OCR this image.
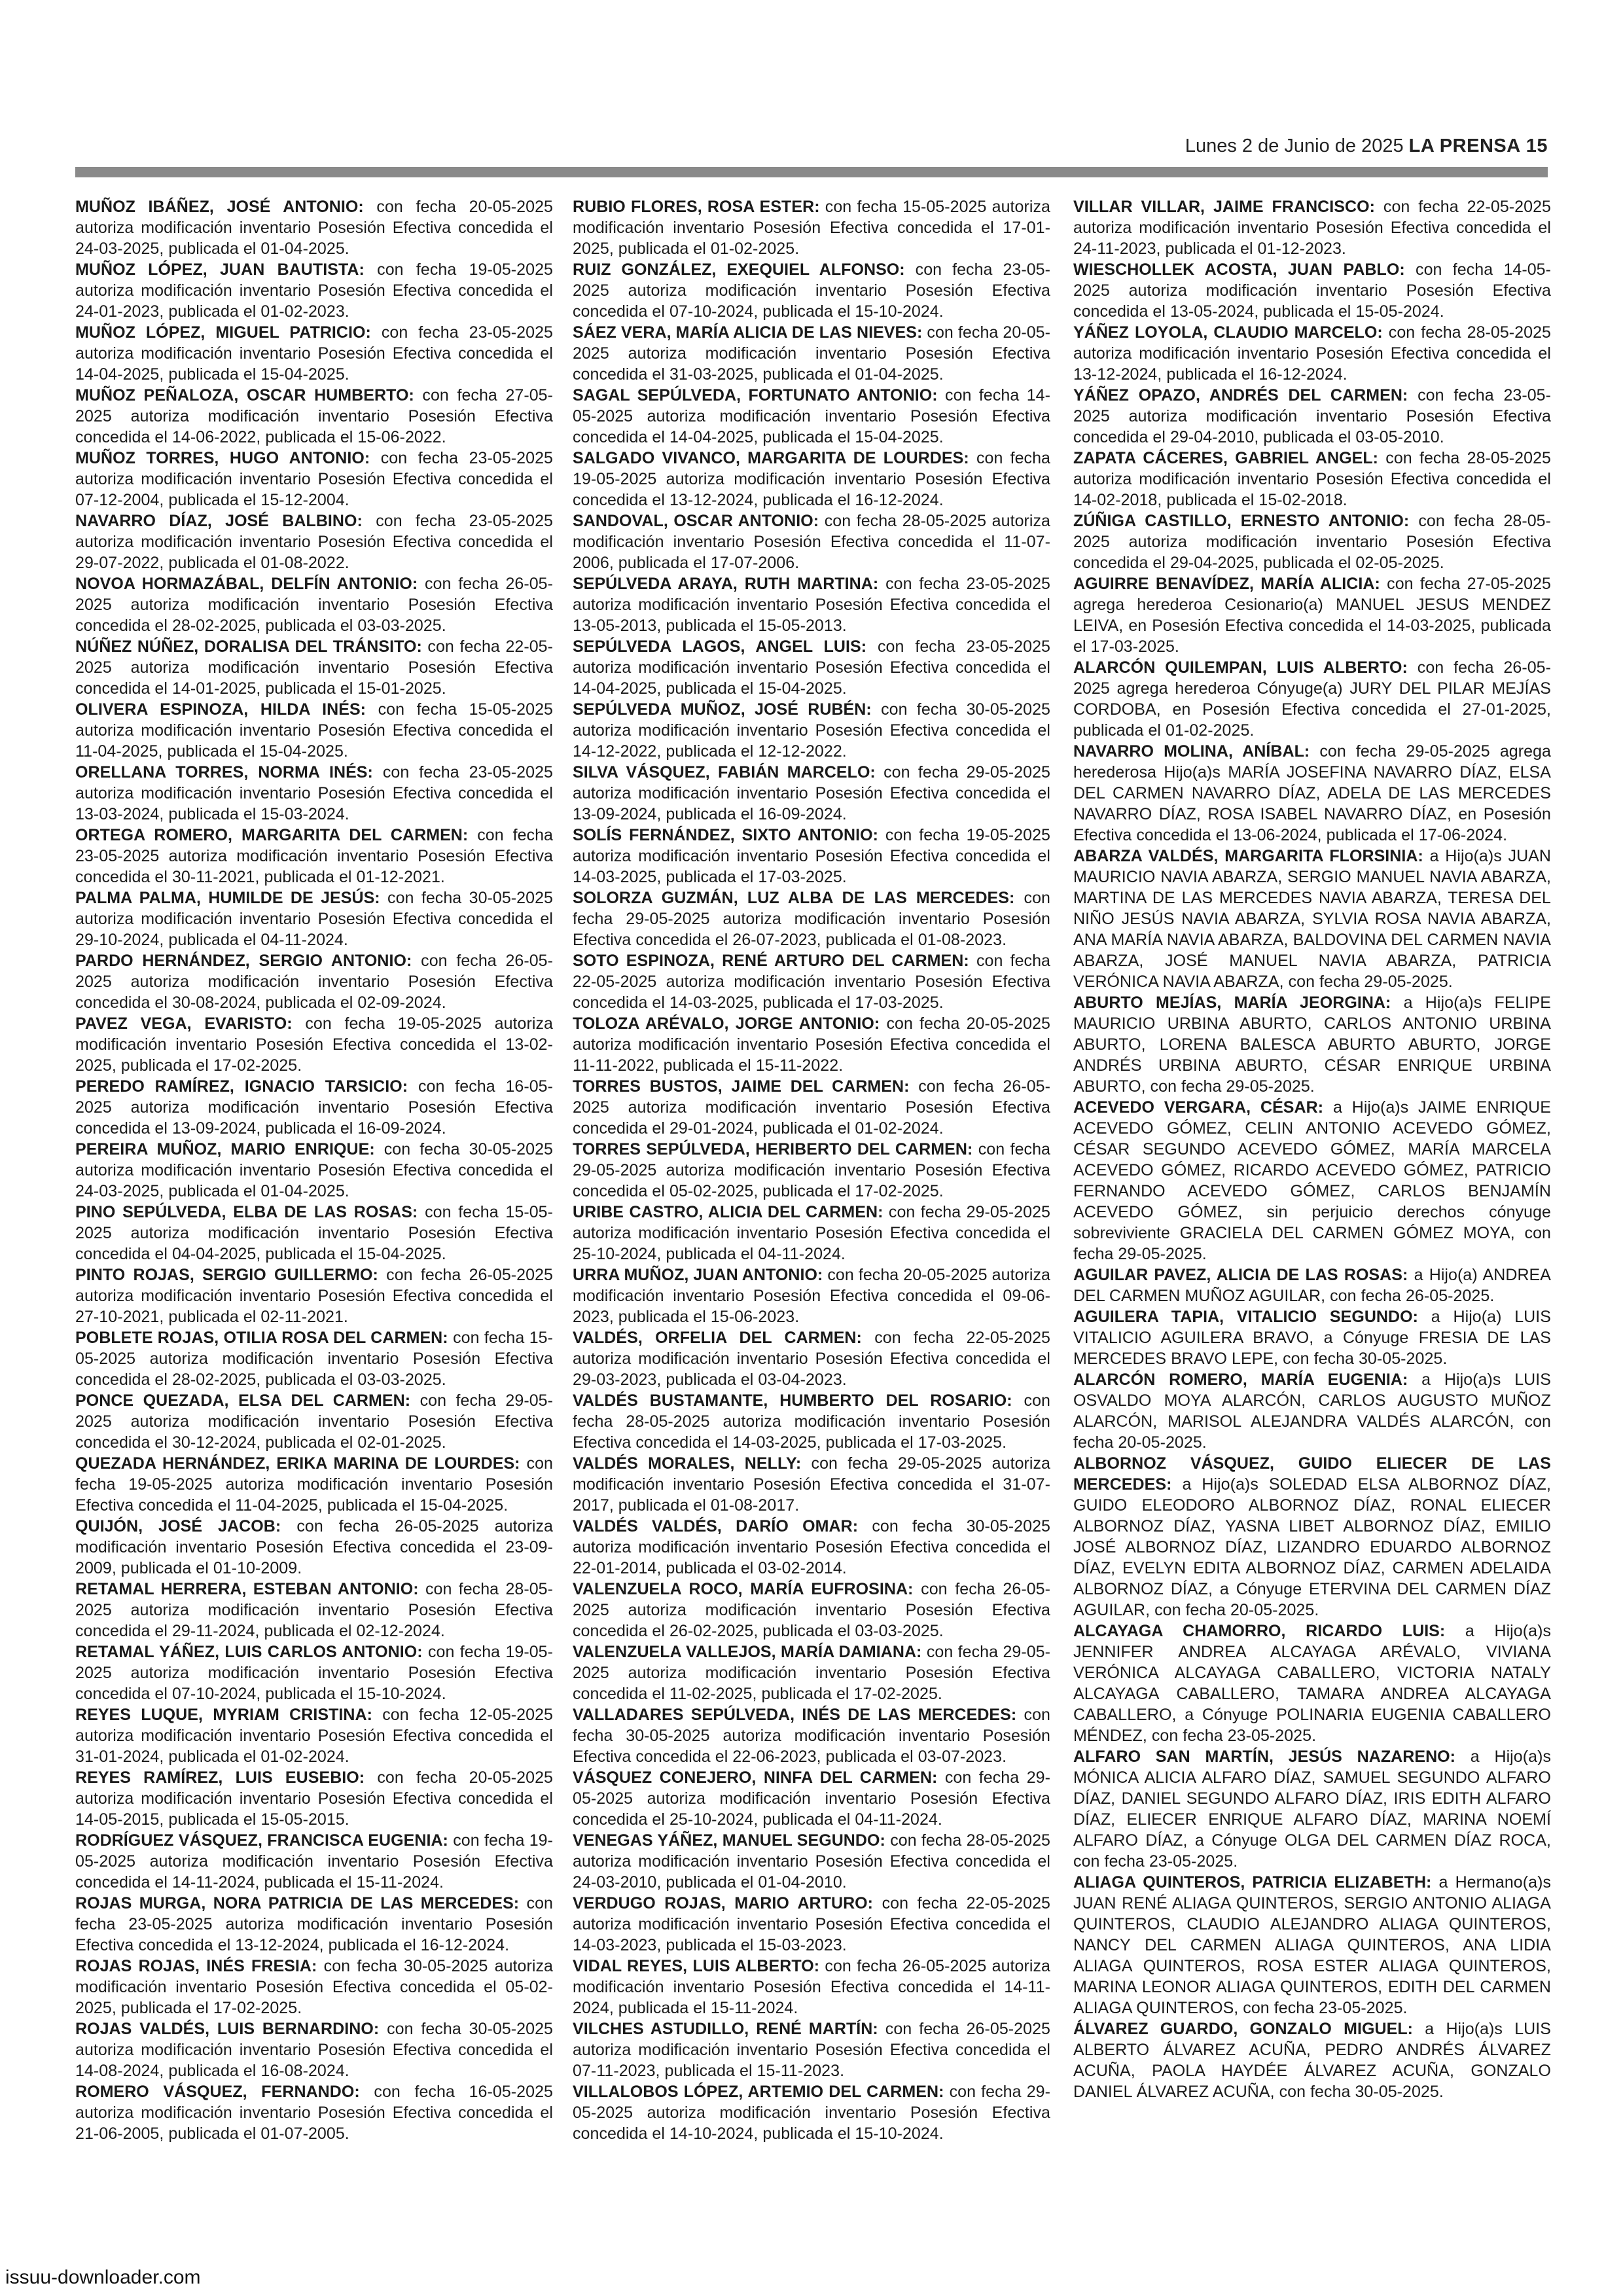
Lunes 2 de Junio de 2025 LA PRENSA 15

MUÑOZ IBÁÑEZ, JOSÉ ANTONIO: con fecha 20-05-2025 autoriza modificación inventario Posesión Efectiva concedida el 24-03-2025, publicada el 01-04-2025.

MUÑOZ LÓPEZ, JUAN BAUTISTA: con fecha 19-05-2025 autoriza modificación inventario Posesión Efectiva concedida el 24-01-2023, publicada el 01-02-2023.

MUÑOZ LÓPEZ, MIGUEL PATRICIO: con fecha 23-05-2025 autoriza modificación inventario Posesión Efectiva concedida el 14-04-2025, publicada el 15-04-2025.

MUÑOZ PEÑALOZA, OSCAR HUMBERTO: con fecha 27-05-2025 autoriza modificación inventario Posesión Efectiva concedida el 14-06-2022, publicada el 15-06-2022.

MUÑOZ TORRES, HUGO ANTONIO: con fecha 23-05-2025 autoriza modificación inventario Posesión Efectiva concedida el 07-12-2004, publicada el 15-12-2004.

NAVARRO DÍAZ, JOSÉ BALBINO: con fecha 23-05-2025 autoriza modificación inventario Posesión Efectiva concedida el 29-07-2022, publicada el 01-08-2022.

NOVOA HORMAZÁBAL, DELFÍN ANTONIO: con fecha 26-05-2025 autoriza modificación inventario Posesión Efectiva concedida el 28-02-2025, publicada el 03-03-2025.

NÚÑEZ NÚÑEZ, DORALISA DEL TRÁNSITO: con fecha 22-05-2025 autoriza modificación inventario Posesión Efectiva concedida el 14-01-2025, publicada el 15-01-2025.

OLIVERA ESPINOZA, HILDA INÉS: con fecha 15-05-2025 autoriza modificación inventario Posesión Efectiva concedida el 11-04-2025, publicada el 15-04-2025.

ORELLANA TORRES, NORMA INÉS: con fecha 23-05-2025 autoriza modificación inventario Posesión Efectiva concedida el 13-03-2024, publicada el 15-03-2024.

ORTEGA ROMERO, MARGARITA DEL CARMEN: con fecha 23-05-2025 autoriza modificación inventario Posesión Efectiva concedida el 30-11-2021, publicada el 01-12-2021.

PALMA PALMA, HUMILDE DE JESÚS: con fecha 30-05-2025 autoriza modificación inventario Posesión Efectiva concedida el 29-10-2024, publicada el 04-11-2024.

PARDO HERNÁNDEZ, SERGIO ANTONIO: con fecha 26-05-2025 autoriza modificación inventario Posesión Efectiva concedida el 30-08-2024, publicada el 02-09-2024.

PAVEZ VEGA, EVARISTO: con fecha 19-05-2025 autoriza modificación inventario Posesión Efectiva concedida el 13-02-2025, publicada el 17-02-2025.

PEREDO RAMÍREZ, IGNACIO TARSICIO: con fecha 16-05-2025 autoriza modificación inventario Posesión Efectiva concedida el 13-09-2024, publicada el 16-09-2024.

PEREIRA MUÑOZ, MARIO ENRIQUE: con fecha 30-05-2025 autoriza modificación inventario Posesión Efectiva concedida el 24-03-2025, publicada el 01-04-2025.

PINO SEPÚLVEDA, ELBA DE LAS ROSAS: con fecha 15-05-2025 autoriza modificación inventario Posesión Efectiva concedida el 04-04-2025, publicada el 15-04-2025.

PINTO ROJAS, SERGIO GUILLERMO: con fecha 26-05-2025 autoriza modificación inventario Posesión Efectiva concedida el 27-10-2021, publicada el 02-11-2021.

POBLETE ROJAS, OTILIA ROSA DEL CARMEN: con fecha 15-05-2025 autoriza modificación inventario Posesión Efectiva concedida el 28-02-2025, publicada el 03-03-2025.

PONCE QUEZADA, ELSA DEL CARMEN: con fecha 29-05-2025 autoriza modificación inventario Posesión Efectiva concedida el 30-12-2024, publicada el 02-01-2025.

QUEZADA HERNÁNDEZ, ERIKA MARINA DE LOURDES: con fecha 19-05-2025 autoriza modificación inventario Posesión Efectiva concedida el 11-04-2025, publicada el 15-04-2025.

QUIJÓN, JOSÉ JACOB: con fecha 26-05-2025 autoriza modificación inventario Posesión Efectiva concedida el 23-09-2009, publicada el 01-10-2009.

RETAMAL HERRERA, ESTEBAN ANTONIO: con fecha 28-05-2025 autoriza modificación inventario Posesión Efectiva concedida el 29-11-2024, publicada el 02-12-2024.

RETAMAL YÁÑEZ, LUIS CARLOS ANTONIO: con fecha 19-05-2025 autoriza modificación inventario Posesión Efectiva concedida el 07-10-2024, publicada el 15-10-2024.

REYES LUQUE, MYRIAM CRISTINA: con fecha 12-05-2025 autoriza modificación inventario Posesión Efectiva concedida el 31-01-2024, publicada el 01-02-2024.

REYES RAMÍREZ, LUIS EUSEBIO: con fecha 20-05-2025 autoriza modificación inventario Posesión Efectiva concedida el 14-05-2015, publicada el 15-05-2015.

RODRÍGUEZ VÁSQUEZ, FRANCISCA EUGENIA: con fecha 19-05-2025 autoriza modificación inventario Posesión Efectiva concedida el 14-11-2024, publicada el 15-11-2024.

ROJAS MURGA, NORA PATRICIA DE LAS MERCEDES: con fecha 23-05-2025 autoriza modificación inventario Posesión Efectiva concedida el 13-12-2024, publicada el 16-12-2024.

ROJAS ROJAS, INÉS FRESIA: con fecha 30-05-2025 autoriza modificación inventario Posesión Efectiva concedida el 05-02-2025, publicada el 17-02-2025.

ROJAS VALDÉS, LUIS BERNARDINO: con fecha 30-05-2025 autoriza modificación inventario Posesión Efectiva concedida el 14-08-2024, publicada el 16-08-2024.

ROMERO VÁSQUEZ, FERNANDO: con fecha 16-05-2025 autoriza modificación inventario Posesión Efectiva concedida el 21-06-2005, publicada el 01-07-2005.

RUBIO FLORES, ROSA ESTER: con fecha 15-05-2025 autoriza modificación inventario Posesión Efectiva concedida el 17-01-2025, publicada el 01-02-2025.

RUIZ GONZÁLEZ, EXEQUIEL ALFONSO: con fecha 23-05-2025 autoriza modificación inventario Posesión Efectiva concedida el 07-10-2024, publicada el 15-10-2024.

SÁEZ VERA, MARÍA ALICIA DE LAS NIEVES: con fecha 20-05-2025 autoriza modificación inventario Posesión Efectiva concedida el 31-03-2025, publicada el 01-04-2025.

SAGAL SEPÚLVEDA, FORTUNATO ANTONIO: con fecha 14-05-2025 autoriza modificación inventario Posesión Efectiva concedida el 14-04-2025, publicada el 15-04-2025.

SALGADO VIVANCO, MARGARITA DE LOURDES: con fecha 19-05-2025 autoriza modificación inventario Posesión Efectiva concedida el 13-12-2024, publicada el 16-12-2024.

SANDOVAL, OSCAR ANTONIO: con fecha 28-05-2025 autoriza modificación inventario Posesión Efectiva concedida el 11-07-2006, publicada el 17-07-2006.

SEPÚLVEDA ARAYA, RUTH MARTINA: con fecha 23-05-2025 autoriza modificación inventario Posesión Efectiva concedida el 13-05-2013, publicada el 15-05-2013.

SEPÚLVEDA LAGOS, ANGEL LUIS: con fecha 23-05-2025 autoriza modificación inventario Posesión Efectiva concedida el 14-04-2025, publicada el 15-04-2025.

SEPÚLVEDA MUÑOZ, JOSÉ RUBÉN: con fecha 30-05-2025 autoriza modificación inventario Posesión Efectiva concedida el 14-12-2022, publicada el 12-12-2022.

SILVA VÁSQUEZ, FABIÁN MARCELO: con fecha 29-05-2025 autoriza modificación inventario Posesión Efectiva concedida el 13-09-2024, publicada el 16-09-2024.

SOLÍS FERNÁNDEZ, SIXTO ANTONIO: con fecha 19-05-2025 autoriza modificación inventario Posesión Efectiva concedida el 14-03-2025, publicada el 17-03-2025.

SOLORZA GUZMÁN, LUZ ALBA DE LAS MERCEDES: con fecha 29-05-2025 autoriza modificación inventario Posesión Efectiva concedida el 26-07-2023, publicada el 01-08-2023.

SOTO ESPINOZA, RENÉ ARTURO DEL CARMEN: con fecha 22-05-2025 autoriza modificación inventario Posesión Efectiva concedida el 14-03-2025, publicada el 17-03-2025.

TOLOZA ARÉVALO, JORGE ANTONIO: con fecha 20-05-2025 autoriza modificación inventario Posesión Efectiva concedida el 11-11-2022, publicada el 15-11-2022.

TORRES BUSTOS, JAIME DEL CARMEN: con fecha 26-05-2025 autoriza modificación inventario Posesión Efectiva concedida el 29-01-2024, publicada el 01-02-2024.

TORRES SEPÚLVEDA, HERIBERTO DEL CARMEN: con fecha 29-05-2025 autoriza modificación inventario Posesión Efectiva concedida el 05-02-2025, publicada el 17-02-2025.

URIBE CASTRO, ALICIA DEL CARMEN: con fecha 29-05-2025 autoriza modificación inventario Posesión Efectiva concedida el 25-10-2024, publicada el 04-11-2024.

URRA MUÑOZ, JUAN ANTONIO: con fecha 20-05-2025 autoriza modificación inventario Posesión Efectiva concedida el 09-06-2023, publicada el 15-06-2023.

VALDÉS, ORFELIA DEL CARMEN: con fecha 22-05-2025 autoriza modificación inventario Posesión Efectiva concedida el 29-03-2023, publicada el 03-04-2023.

VALDÉS BUSTAMANTE, HUMBERTO DEL ROSARIO: con fecha 28-05-2025 autoriza modificación inventario Posesión Efectiva concedida el 14-03-2025, publicada el 17-03-2025.

VALDÉS MORALES, NELLY: con fecha 29-05-2025 autoriza modificación inventario Posesión Efectiva concedida el 31-07-2017, publicada el 01-08-2017.

VALDÉS VALDÉS, DARÍO OMAR: con fecha 30-05-2025 autoriza modificación inventario Posesión Efectiva concedida el 22-01-2014, publicada el 03-02-2014.

VALENZUELA ROCO, MARÍA EUFROSINA: con fecha 26-05-2025 autoriza modificación inventario Posesión Efectiva concedida el 26-02-2025, publicada el 03-03-2025.

VALENZUELA VALLEJOS, MARÍA DAMIANA: con fecha 29-05-2025 autoriza modificación inventario Posesión Efectiva concedida el 11-02-2025, publicada el 17-02-2025.

VALLADARES SEPÚLVEDA, INÉS DE LAS MERCEDES: con fecha 30-05-2025 autoriza modificación inventario Posesión Efectiva concedida el 22-06-2023, publicada el 03-07-2023.

VÁSQUEZ CONEJERO, NINFA DEL CARMEN: con fecha 29-05-2025 autoriza modificación inventario Posesión Efectiva concedida el 25-10-2024, publicada el 04-11-2024.

VENEGAS YÁÑEZ, MANUEL SEGUNDO: con fecha 28-05-2025 autoriza modificación inventario Posesión Efectiva concedida el 24-03-2010, publicada el 01-04-2010.

VERDUGO ROJAS, MARIO ARTURO: con fecha 22-05-2025 autoriza modificación inventario Posesión Efectiva concedida el 14-03-2023, publicada el 15-03-2023.

VIDAL REYES, LUIS ALBERTO: con fecha 26-05-2025 autoriza modificación inventario Posesión Efectiva concedida el 14-11-2024, publicada el 15-11-2024.

VILCHES ASTUDILLO, RENÉ MARTÍN: con fecha 26-05-2025 autoriza modificación inventario Posesión Efectiva concedida el 07-11-2023, publicada el 15-11-2023.

VILLALOBOS LÓPEZ, ARTEMIO DEL CARMEN: con fecha 29-05-2025 autoriza modificación inventario Posesión Efectiva concedida el 14-10-2024, publicada el 15-10-2024.

VILLAR VILLAR, JAIME FRANCISCO: con fecha 22-05-2025 autoriza modificación inventario Posesión Efectiva concedida el 24-11-2023, publicada el 01-12-2023.

WIESCHOLLEK ACOSTA, JUAN PABLO: con fecha 14-05-2025 autoriza modificación inventario Posesión Efectiva concedida el 13-05-2024, publicada el 15-05-2024.

YÁÑEZ LOYOLA, CLAUDIO MARCELO: con fecha 28-05-2025 autoriza modificación inventario Posesión Efectiva concedida el 13-12-2024, publicada el 16-12-2024.

YÁÑEZ OPAZO, ANDRÉS DEL CARMEN: con fecha 23-05-2025 autoriza modificación inventario Posesión Efectiva concedida el 29-04-2010, publicada el 03-05-2010.

ZAPATA CÁCERES, GABRIEL ANGEL: con fecha 28-05-2025 autoriza modificación inventario Posesión Efectiva concedida el 14-02-2018, publicada el 15-02-2018.

ZÚÑIGA CASTILLO, ERNESTO ANTONIO: con fecha 28-05-2025 autoriza modificación inventario Posesión Efectiva concedida el 29-04-2025, publicada el 02-05-2025.

AGUIRRE BENAVÍDEZ, MARÍA ALICIA: con fecha 27-05-2025 agrega herederoa Cesionario(a) MANUEL JESUS MENDEZ LEIVA, en Posesión Efectiva concedida el 14-03-2025, publicada el 17-03-2025.

ALARCÓN QUILEMPAN, LUIS ALBERTO: con fecha 26-05-2025 agrega herederoa Cónyuge(a) JURY DEL PILAR MEJÍAS CORDOBA, en Posesión Efectiva concedida el 27-01-2025, publicada el 01-02-2025.

NAVARRO MOLINA, ANÍBAL: con fecha 29-05-2025 agrega herederosa Hijo(a)s MARÍA JOSEFINA NAVARRO DÍAZ, ELSA DEL CARMEN NAVARRO DÍAZ, ADELA DE LAS MERCEDES NAVARRO DÍAZ, ROSA ISABEL NAVARRO DÍAZ, en Posesión Efectiva concedida el 13-06-2024, publicada el 17-06-2024.

ABARZA VALDÉS, MARGARITA FLORSINIA: a Hijo(a)s JUAN MAURICIO NAVIA ABARZA, SERGIO MANUEL NAVIA ABARZA, MARTINA DE LAS MERCEDES NAVIA ABARZA, TERESA DEL NIÑO JESÚS NAVIA ABARZA, SYLVIA ROSA NAVIA ABARZA, ANA MARÍA NAVIA ABARZA, BALDOVINA DEL CARMEN NAVIA ABARZA, JOSÉ MANUEL NAVIA ABARZA, PATRICIA VERÓNICA NAVIA ABARZA, con fecha 29-05-2025.

ABURTO MEJÍAS, MARÍA JEORGINA: a Hijo(a)s FELIPE MAURICIO URBINA ABURTO, CARLOS ANTONIO URBINA ABURTO, LORENA BALESCA ABURTO ABURTO, JORGE ANDRÉS URBINA ABURTO, CÉSAR ENRIQUE URBINA ABURTO, con fecha 29-05-2025.

ACEVEDO VERGARA, CÉSAR: a Hijo(a)s JAIME ENRIQUE ACEVEDO GÓMEZ, CELIN ANTONIO ACEVEDO GÓMEZ, CÉSAR SEGUNDO ACEVEDO GÓMEZ, MARÍA MARCELA ACEVEDO GÓMEZ, RICARDO ACEVEDO GÓMEZ, PATRICIO FERNANDO ACEVEDO GÓMEZ, CARLOS BENJAMÍN ACEVEDO GÓMEZ, sin perjuicio derechos cónyuge sobreviviente GRACIELA DEL CARMEN GÓMEZ MOYA, con fecha 29-05-2025.

AGUILAR PAVEZ, ALICIA DE LAS ROSAS: a Hijo(a) ANDREA DEL CARMEN MUÑOZ AGUILAR, con fecha 26-05-2025.

AGUILERA TAPIA, VITALICIO SEGUNDO: a Hijo(a) LUIS VITALICIO AGUILERA BRAVO, a Cónyuge FRESIA DE LAS MERCEDES BRAVO LEPE, con fecha 30-05-2025.

ALARCÓN ROMERO, MARÍA EUGENIA: a Hijo(a)s LUIS OSVALDO MOYA ALARCÓN, CARLOS AUGUSTO MUÑOZ ALARCÓN, MARISOL ALEJANDRA VALDÉS ALARCÓN, con fecha 20-05-2025.

ALBORNOZ VÁSQUEZ, GUIDO ELIECER DE LAS MERCEDES: a Hijo(a)s SOLEDAD ELSA ALBORNOZ DÍAZ, GUIDO ELEODORO ALBORNOZ DÍAZ, RONAL ELIECER ALBORNOZ DÍAZ, YASNA LIBET ALBORNOZ DÍAZ, EMILIO JOSÉ ALBORNOZ DÍAZ, LIZANDRO EDUARDO ALBORNOZ DÍAZ, EVELYN EDITA ALBORNOZ DÍAZ, CARMEN ADELAIDA ALBORNOZ DÍAZ, a Cónyuge ETERVINA DEL CARMEN DÍAZ AGUILAR, con fecha 20-05-2025.

ALCAYAGA CHAMORRO, RICARDO LUIS: a Hijo(a)s JENNIFER ANDREA ALCAYAGA ARÉVALO, VIVIANA VERÓNICA ALCAYAGA CABALLERO, VICTORIA NATALY ALCAYAGA CABALLERO, TAMARA ANDREA ALCAYAGA CABALLERO, a Cónyuge POLINARIA EUGENIA CABALLERO MÉNDEZ, con fecha 23-05-2025.

ALFARO SAN MARTÍN, JESÚS NAZARENO: a Hijo(a)s MÓNICA ALICIA ALFARO DÍAZ, SAMUEL SEGUNDO ALFARO DÍAZ, DANIEL SEGUNDO ALFARO DÍAZ, IRIS EDITH ALFARO DÍAZ, ELIECER ENRIQUE ALFARO DÍAZ, MARINA NOEMÍ ALFARO DÍAZ, a Cónyuge OLGA DEL CARMEN DÍAZ ROCA, con fecha 23-05-2025.

ALIAGA QUINTEROS, PATRICIA ELIZABETH: a Hermano(a)s JUAN RENÉ ALIAGA QUINTEROS, SERGIO ANTONIO ALIAGA QUINTEROS, CLAUDIO ALEJANDRO ALIAGA QUINTEROS, NANCY DEL CARMEN ALIAGA QUINTEROS, ANA LIDIA ALIAGA QUINTEROS, ROSA ESTER ALIAGA QUINTEROS, MARINA LEONOR ALIAGA QUINTEROS, EDITH DEL CARMEN ALIAGA QUINTEROS, con fecha 23-05-2025.

ÁLVAREZ GUARDO, GONZALO MIGUEL: a Hijo(a)s LUIS ALBERTO ÁLVAREZ ACUÑA, PEDRO ANDRÉS ÁLVAREZ ACUÑA, PAOLA HAYDÉE ÁLVAREZ ACUÑA, GONZALO DANIEL ÁLVAREZ ACUÑA, con fecha 30-05-2025.

issuu-downloader.com
